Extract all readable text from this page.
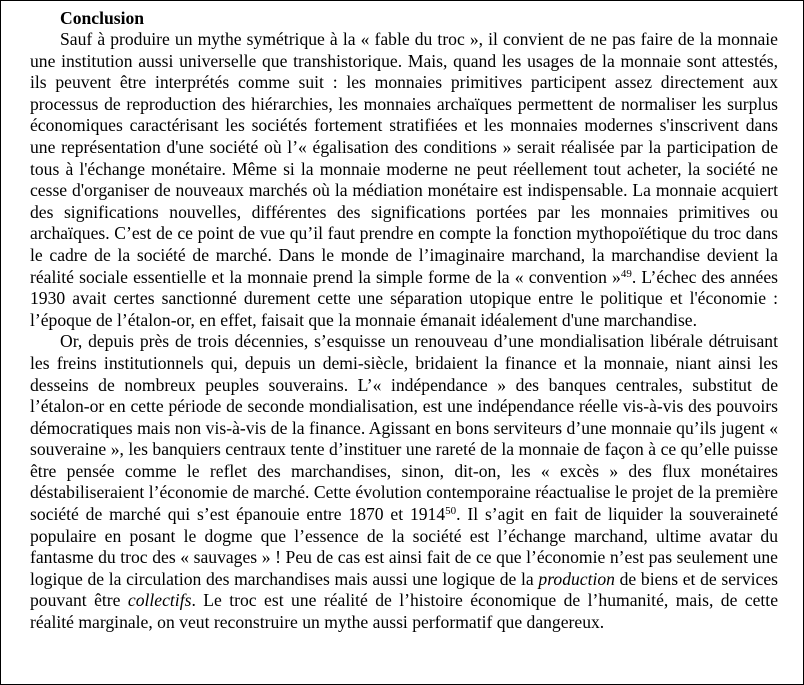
Conclusion

Sauf à produire un mythe symétrique à la « fable du troc », il convient de ne pas faire de la monnaie une institution aussi universelle que transhistorique. Mais, quand les usages de la monnaie sont attestés, ils peuvent être interprétés comme suit : les monnaies primitives participent assez directement aux processus de reproduction des hiérarchies, les monnaies archaïques permettent de normaliser les surplus économiques caractérisant les sociétés fortement stratifiées et les monnaies modernes s'inscrivent dans une représentation d'une société où l’« égalisation des conditions » serait réalisée par la participation de tous à l'échange monétaire. Même si la monnaie moderne ne peut réellement tout acheter, la société ne cesse d'organiser de nouveaux marchés où la médiation monétaire est indispensable. La monnaie acquiert des significations nouvelles, différentes des significations portées par les monnaies primitives ou archaïques. C’est de ce point de vue qu’il faut prendre en compte la fonction mythopoïétique du troc dans le cadre de la société de marché. Dans le monde de l’imaginaire marchand, la marchandise devient la réalité sociale essentielle et la monnaie prend la simple forme de la « convention »$^{49}$. L’échec des années 1930 avait certes sanctionné durement cette une séparation utopique entre le politique et l'économie : l’époque de l’étalon-or, en effet, faisait que la monnaie émanait idéalement d'une marchandise.

Or, depuis près de trois décennies, s’esquisse un renouveau d’une mondialisation libérale détruisant les freins institutionnels qui, depuis un demi-siècle, bridaient la finance et la monnaie, niant ainsi les desseins de nombreux peuples souverains. L’« indépendance » des banques centrales, substitut de l’étalon-or en cette période de seconde mondialisation, est une indépendance réelle vis-à-vis des pouvoirs démocratiques mais non vis-à-vis de la finance. Agissant en bons serviteurs d’une monnaie qu’ils jugent « souveraine », les banquiers centraux tente d’instituer une rareté de la monnaie de façon à ce qu’elle puisse être pensée comme le reflet des marchandises, sinon, dit-on, les « excès » des flux monétaires déstabiliseraient l’économie de marché. Cette évolution contemporaine réactualise le projet de la première société de marché qui s’est épanouie entre 1870 et 1914$^{50}$. Il s’agit en fait de liquider la souveraineté populaire en posant le dogme que l’essence de la société est l’échange marchand, ultime avatar du fantasme du troc des « sauvages » ! Peu de cas est ainsi fait de ce que l’économie n’est pas seulement une logique de la circulation des marchandises mais aussi une logique de la production de biens et de services pouvant être collectifs. Le troc est une réalité de l’histoire économique de l’humanité, mais, de cette réalité marginale, on veut reconstruire un mythe aussi performatif que dangereux.
